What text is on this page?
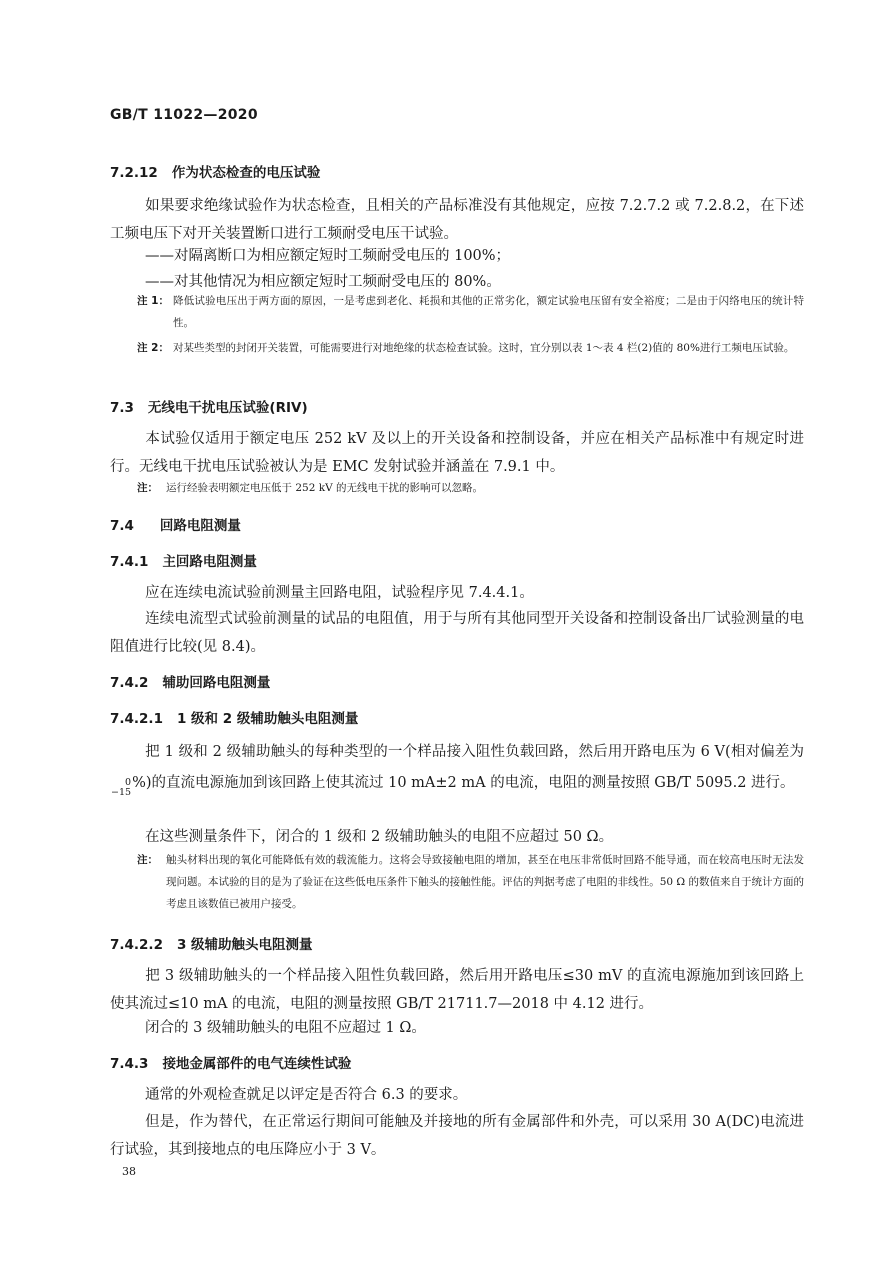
GB/T 11022—2020
7.2.12 作为状态检查的电压试验
如果要求绝缘试验作为状态检查，且相关的产品标准没有其他规定，应按 7.2.7.2 或 7.2.8.2，在下述工频电压下对开关装置断口进行工频耐受电压干试验。
——对隔离断口为相应额定短时工频耐受电压的 100%；
——对其他情况为相应额定短时工频耐受电压的 80%。
注 1： 降低试验电压出于两方面的原因，一是考虑到老化、耗损和其他的正常劣化，额定试验电压留有安全裕度；二是由于闪络电压的统计特性。
注 2： 对某些类型的封闭开关装置，可能需要进行对地绝缘的状态检查试验。这时，宜分别以表 1～表 4 栏(2)值的 80%进行工频电压试验。
7.3 无线电干扰电压试验(RIV)
本试验仅适用于额定电压 252 kV 及以上的开关设备和控制设备，并应在相关产品标准中有规定时进行。无线电干扰电压试验被认为是 EMC 发射试验并涵盖在 7.9.1 中。
注： 运行经验表明额定电压低于 252 kV 的无线电干扰的影响可以忽略。
7.4 回路电阻测量
7.4.1 主回路电阻测量
应在连续电流试验前测量主回路电阻，试验程序见 7.4.4.1。
连续电流型式试验前测量的试品的电阻值，用于与所有其他同型开关设备和控制设备出厂试验测量的电阻值进行比较(见 8.4)。
7.4.2 辅助回路电阻测量
7.4.2.1 1 级和 2 级辅助触头电阻测量
把 1 级和 2 级辅助触头的每种类型的一个样品接入阻性负载回路，然后用开路电压为 6 V(相对偏差为
0
−15
%)的直流电源施加到该回路上使其流过 10 mA±2 mA 的电流，电阻的测量按照 GB/T 5095.2 进行。
在这些测量条件下，闭合的 1 级和 2 级辅助触头的电阻不应超过 50 Ω。
注： 触头材料出现的氧化可能降低有效的载流能力。这将会导致接触电阻的增加，甚至在电压非常低时回路不能导通，而在较高电压时无法发现问题。本试验的目的是为了验证在这些低电压条件下触头的接触性能。评估的判据考虑了电阻的非线性。50 Ω 的数值来自于统计方面的考虑且该数值已被用户接受。
7.4.2.2 3 级辅助触头电阻测量
把 3 级辅助触头的一个样品接入阻性负载回路，然后用开路电压≤30 mV 的直流电源施加到该回路上使其流过≤10 mA 的电流，电阻的测量按照 GB/T 21711.7—2018 中 4.12 进行。
闭合的 3 级辅助触头的电阻不应超过 1 Ω。
7.4.3 接地金属部件的电气连续性试验
通常的外观检查就足以评定是否符合 6.3 的要求。
但是，作为替代，在正常运行期间可能触及并接地的所有金属部件和外壳，可以采用 30 A(DC)电流进行试验，其到接地点的电压降应小于 3 V。
38
